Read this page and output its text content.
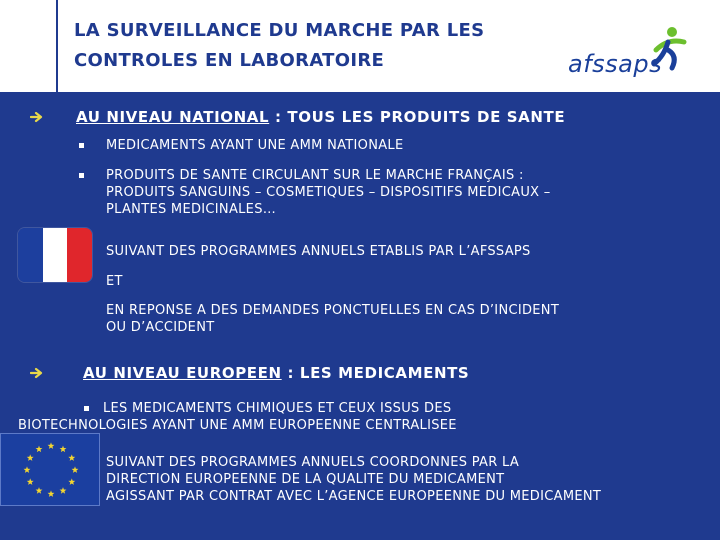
LA SURVEILLANCE DU MARCHE PAR LES
CONTROLES EN LABORATOIRE	afssaps
AU NIVEAU NATIONAL : TOUS LES PRODUITS DE SANTE
MEDICAMENTS AYANT UNE AMM NATIONALE
PRODUITS DE SANTE CIRCULANT SUR LE MARCHE FRANÇAIS :
PRODUITS SANGUINS – COSMETIQUES – DISPOSITIFS MEDICAUX –
PLANTES MEDICINALES…
SUIVANT DES PROGRAMMES ANNUELS ETABLIS PAR L’AFSSAPS
ET
EN REPONSE A DES DEMANDES PONCTUELLES EN CAS D’INCIDENT
OU D’ACCIDENT
AU NIVEAU EUROPEEN : LES MEDICAMENTS
LES MEDICAMENTS CHIMIQUES ET CEUX ISSUS DES
BIOTECHNOLOGIES AYANT UNE AMM EUROPEENNE CENTRALISEE
SUIVANT DES PROGRAMMES ANNUELS COORDONNES PAR LA
DIRECTION EUROPEENNE DE LA QUALITE DU MEDICAMENT
AGISSANT PAR CONTRAT AVEC L’AGENCE EUROPEENNE DU MEDICAMENT
